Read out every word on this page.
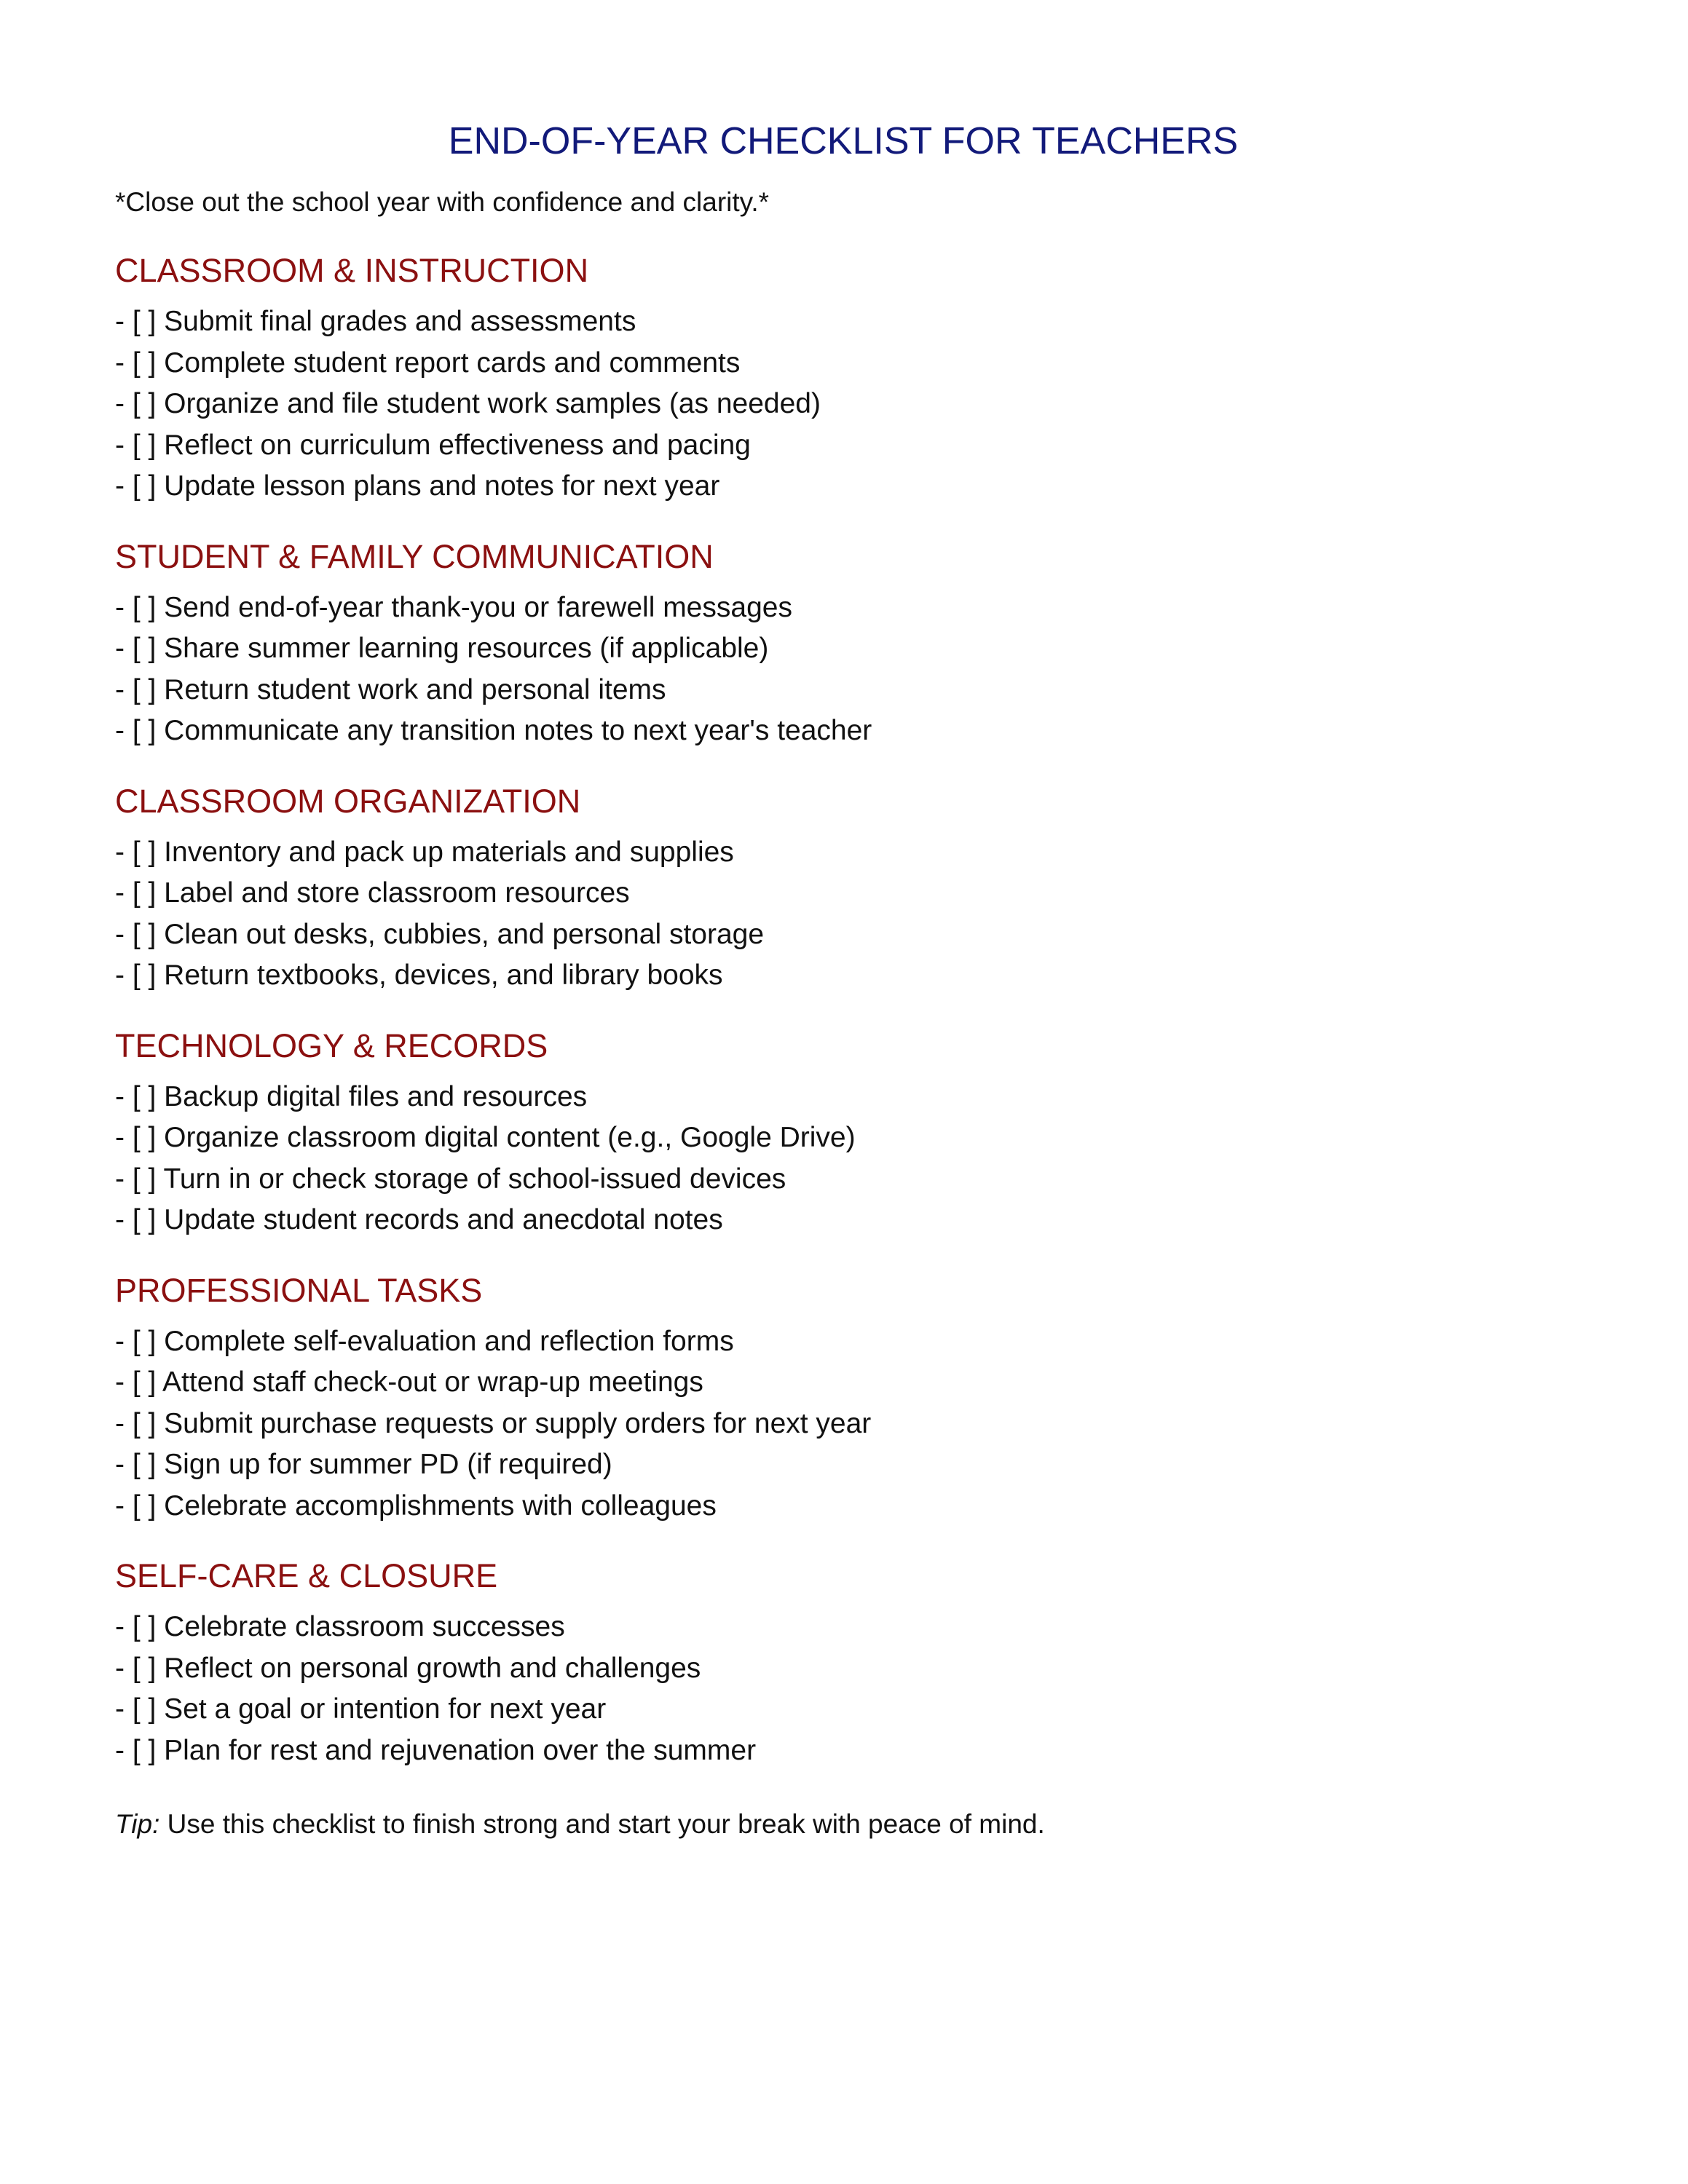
END-OF-YEAR CHECKLIST FOR TEACHERS

*Close out the school year with confidence and clarity.*

CLASSROOM & INSTRUCTION

- [ ] Submit final grades and assessments

- [ ] Complete student report cards and comments

- [ ] Organize and file student work samples (as needed)

- [ ] Reflect on curriculum effectiveness and pacing

- [ ] Update lesson plans and notes for next year

STUDENT & FAMILY COMMUNICATION

- [ ] Send end-of-year thank-you or farewell messages

- [ ] Share summer learning resources (if applicable)

- [ ] Return student work and personal items

- [ ] Communicate any transition notes to next year's teacher

CLASSROOM ORGANIZATION

- [ ] Inventory and pack up materials and supplies

- [ ] Label and store classroom resources

- [ ] Clean out desks, cubbies, and personal storage

- [ ] Return textbooks, devices, and library books

TECHNOLOGY & RECORDS

- [ ] Backup digital files and resources

- [ ] Organize classroom digital content (e.g., Google Drive)

- [ ] Turn in or check storage of school-issued devices

- [ ] Update student records and anecdotal notes

PROFESSIONAL TASKS

- [ ] Complete self-evaluation and reflection forms

- [ ] Attend staff check-out or wrap-up meetings

- [ ] Submit purchase requests or supply orders for next year

- [ ] Sign up for summer PD (if required)

- [ ] Celebrate accomplishments with colleagues

SELF-CARE & CLOSURE

- [ ] Celebrate classroom successes

- [ ] Reflect on personal growth and challenges

- [ ] Set a goal or intention for next year

- [ ] Plan for rest and rejuvenation over the summer

Tip: Use this checklist to finish strong and start your break with peace of mind.
